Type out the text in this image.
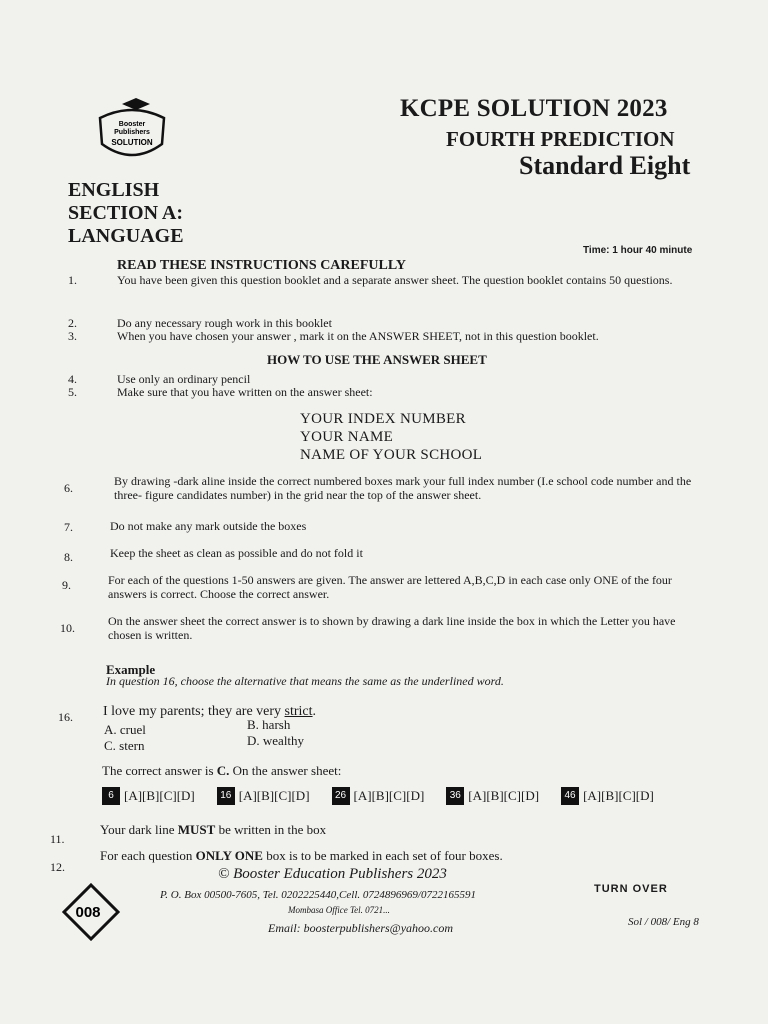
Booster
Publishers
SOLUTION
KCPE SOLUTION 2023
FOURTH PREDICTION
Standard Eight
ENGLISH
SECTION A:
LANGUAGE
Time: 1 hour 40 minute
READ THESE INSTRUCTIONS CAREFULLY
1.	You have been given this question booklet and a separate answer sheet. The question booklet contains 50 questions.
2.	Do any necessary rough work in this booklet
3.	When you have chosen your answer , mark it on the ANSWER SHEET, not in this question booklet.
HOW TO USE THE ANSWER SHEET
4.	Use only an ordinary pencil
5.	Make sure that you have written on the answer sheet:
YOUR INDEX NUMBER
YOUR NAME
NAME OF YOUR SCHOOL
6.	By drawing -dark aline inside the correct numbered boxes mark your full index number (I.e school code number and the three- figure candidates number) in the grid near the top of the answer sheet.
7.	Do not make any mark outside the boxes
8.	Keep the sheet as clean as possible and do not fold it
9.	For each of the questions 1-50 answers are given. The answer are lettered A,B,C,D in each case only ONE of the four answers is correct. Choose the correct answer.
10.	On the answer sheet the correct answer is to shown by drawing a dark line inside the box in which the Letter you have chosen is written.
Example
In question 16, choose the alternative that means the same as the underlined word.
16. I love my parents; they are very strict.
A. cruel	B. harsh
C. stern	D. wealthy
The correct answer is C. On the answer sheet:
6 [A][B][C][D]	16 [A][B][C][D]	26 [A][B][C][D]	36 [A][B][C][D]	46 [A][B][C][D]
11.
Your dark line MUST be written in the box
12.
For each question ONLY ONE box is to be marked in each set of four boxes.
© Booster Education Publishers 2023
P. O. Box 00500-7605, Tel. 0202225440,Cell. 0724896969/0722165591
Mombasa Office Tel. 0721...
Email: boosterpublishers@yahoo.com
008
TURN OVER
Sol / 008/ Eng 8
